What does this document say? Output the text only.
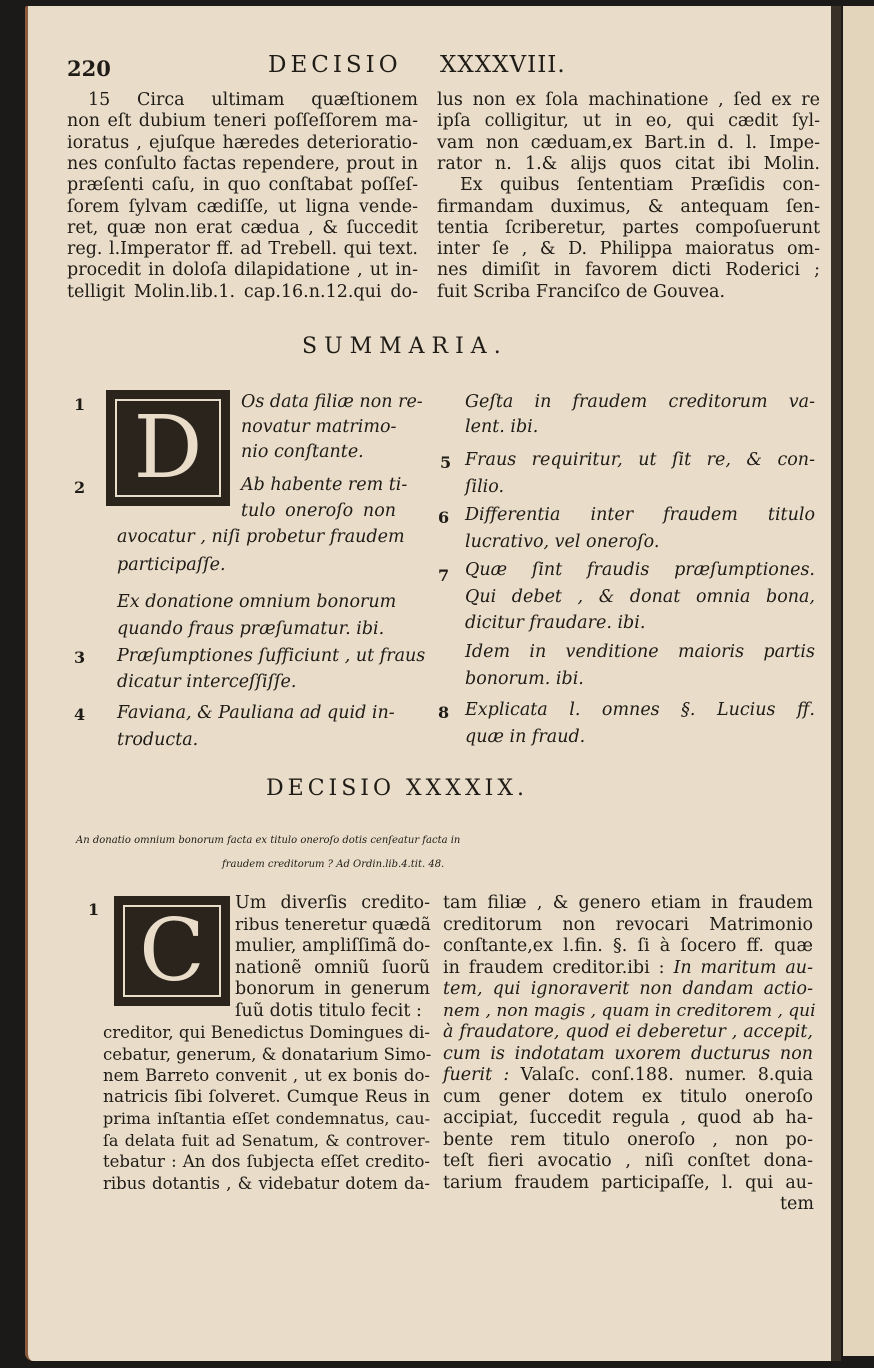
220	DECISIO XXXXVIII.
15 Circa ultimam quæſtionem
non eſt dubium teneri poſſeſſorem ma-
ioratus , ejuſque hæredes deterioratio-
nes conſulto factas rependere, prout in
præſenti caſu, in quo conſtabat poſſeſ-
ſorem ſylvam cædiſſe, ut ligna vende-
ret, quæ non erat cædua , & ſuccedit
reg. l.Imperator ff. ad Trebell. qui text.
procedit in doloſa dilapidatione , ut in-
telligit Molin.lib.1. cap.16.n.12.qui do-
lus non ex ſola machinatione , ſed ex re
ipſa colligitur, ut in eo, qui cædit ſyl-
vam non cæduam,ex Bart.in d. l. Impe-
rator n. 1.& alijs quos citat ibi Molin.
Ex quibus ſententiam Præſidis con-
firmandam duximus, & antequam ſen-
tentia ſcriberetur, partes compoſuerunt
inter ſe , & D. Philippa maioratus om-
nes dimiſit in favorem dicti Roderici ;
fuit Scriba Franciſco de Gouvea.
SUMMARIA.
D	Os data filiæ non re-
novatur matrimo-
nio conſtante.
Ab habente rem ti-
tulo oneroſo non
avocatur , niſi probetur fraudem
participaſſe.
Ex donatione omnium bonorum
quando fraus præſumatur. ibi.
Præſumptiones ſufficiunt , ut fraus
dicatur interceſſiſſe.
Faviana, & Pauliana ad quid in-
troducta.
1
2
3
4
Geſta in fraudem creditorum va-
lent. ibi.
Fraus requiritur, ut ſit re, & con-
ſilio.
Differentia inter fraudem titulo
lucrativo, vel oneroſo.
Quæ ſint fraudis præſumptiones.
Qui debet , & donat omnia bona,
dicitur fraudare. ibi.
Idem in venditione maioris partis
bonorum. ibi.
Explicata l. omnes §. Lucius ff.
quæ in fraud.
5
6
7
8
DECISIO XXXXIX.
An donatio omnium bonorum facta ex titulo oneroſo dotis cenſeatur facta in
fraudem creditorum ? Ad Ordin.lib.4.tit. 48.
1 C	Um diverſis credito-
ribus teneretur quædã
mulier, ampliſſimã do-
nationẽ omniũ ſuorũ
bonorum in generum
ſuũ dotis titulo fecit :
creditor, qui Benedictus Domingues di-
cebatur, generum, & donatarium Simo-
nem Barreto convenit , ut ex bonis do-
natricis ſibi ſolveret. Cumque Reus in
prima inſtantia eſſet condemnatus, cau-
ſa delata fuit ad Senatum, & controver-
tebatur : An dos ſubjecta eſſet credito-
ribus dotantis , & videbatur dotem da-
tam filiæ , & genero etiam in fraudem
creditorum non revocari Matrimonio
conſtante,ex l.fin. §. ſi à ſocero ff. quæ
in fraudem creditor.ibi : In maritum au-
tem, qui ignoraverit non dandam actio-
nem , non magis , quam in creditorem , qui
à fraudatore, quod ei deberetur , accepit,
cum is indotatam uxorem ducturus non
fuerit : Valaſc. conſ.188. numer. 8.quia
cum gener dotem ex titulo oneroſo
accipiat, ſuccedit regula , quod ab ha-
bente rem titulo oneroſo , non po-
teſt fieri avocatio , niſi conſtet dona-
tarium fraudem participaſſe, l. qui au-
tem
